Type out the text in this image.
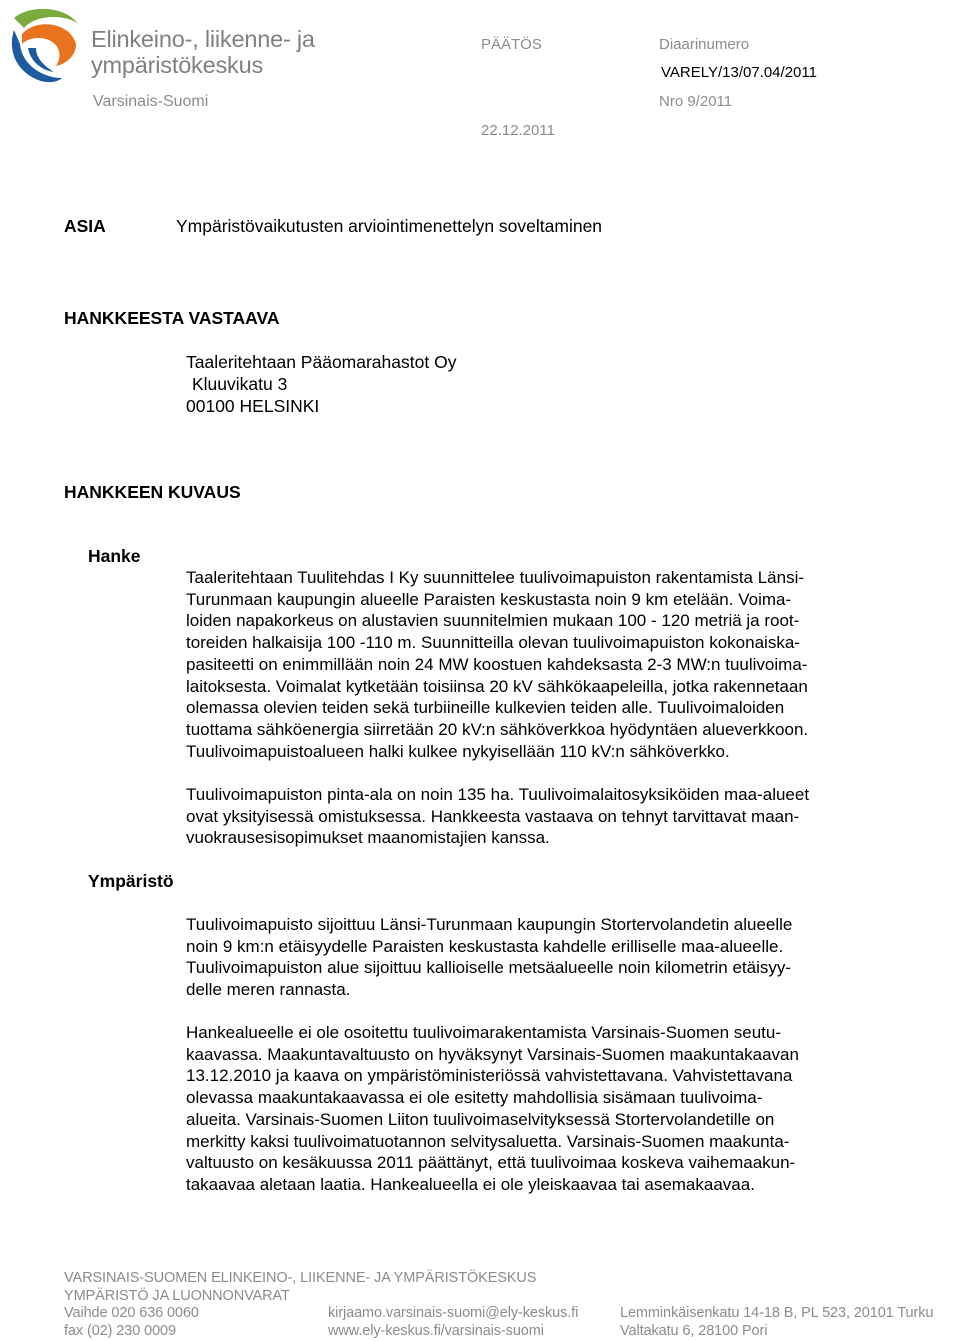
Elinkeino-, liikenne- ja
ympäristökeskus
Varsinais-Suomi
PÄÄTÖS	Diaarinumero
VARELY/13/07.04/2011
Nro 9/2011
22.12.2011
ASIA	Ympäristövaikutusten arviointimenettelyn soveltaminen
HANKKEESTA VASTAAVA
Taaleritehtaan Pääomarahastot Oy
Kluuvikatu 3
00100 HELSINKI
HANKKEEN KUVAUS
Hanke

Taaleritehtaan Tuulitehdas I Ky suunnittelee tuulivoimapuiston rakentamista Länsi-
Turunmaan kaupungin alueelle Paraisten keskustasta noin 9 km etelään. Voima-
loiden napakorkeus on alustavien suunnitelmien mukaan 100 - 120 metriä ja root-
toreiden halkaisija 100 -110 m. Suunnitteilla olevan tuulivoimapuiston kokonaiska-
pasiteetti on enimmillään noin 24 MW koostuen kahdeksasta 2-3 MW:n tuulivoima-
laitoksesta. Voimalat kytketään toisiinsa 20 kV sähkökaapeleilla, jotka rakennetaan
olemassa olevien teiden sekä turbiineille kulkevien teiden alle. Tuulivoimaloiden
tuottama sähköenergia siirretään 20 kV:n sähköverkkoa hyödyntäen alueverkkoon.
Tuulivoimapuistoalueen halki kulkee nykyisellään 110 kV:n sähköverkko.

Tuulivoimapuiston pinta-ala on noin 135 ha. Tuulivoimalaitosyksiköiden maa-alueet
ovat yksityisessä omistuksessa. Hankkeesta vastaava on tehnyt tarvittavat maan-
vuokrausesisopimukset maanomistajien kanssa.

Ympäristö

Tuulivoimapuisto sijoittuu Länsi-Turunmaan kaupungin Stortervolandetin alueelle
noin 9 km:n etäisyydelle Paraisten keskustasta kahdelle erilliselle maa-alueelle.
Tuulivoimapuiston alue sijoittuu kallioiselle metsäalueelle noin kilometrin etäisyy-
delle meren rannasta.

Hankealueelle ei ole osoitettu tuulivoimarakentamista Varsinais-Suomen seutu-
kaavassa. Maakuntavaltuusto on hyväksynyt Varsinais-Suomen maakuntakaavan
13.12.2010 ja kaava on ympäristöministeriössä vahvistettavana. Vahvistettavana
olevassa maakuntakaavassa ei ole esitetty mahdollisia sisämaan tuulivoima-
alueita. Varsinais-Suomen Liiton tuulivoimaselvityksessä Stortervolandetille on
merkitty kaksi tuulivoimatuotannon selvitysaluetta. Varsinais-Suomen maakunta-
valtuusto on kesäkuussa 2011 päättänyt, että tuulivoimaa koskeva vaihemaakun-
takaavaa aletaan laatia. Hankealueella ei ole yleiskaavaa tai asemakaavaa.

VARSINAIS-SUOMEN ELINKEINO-, LIIKENNE- JA YMPÄRISTÖKESKUS
YMPÄRISTÖ JA LUONNONVARAT
Vaihde 020 636 0060
fax (02) 230 0009
kirjaamo.varsinais-suomi@ely-keskus.fi
www.ely-keskus.fi/varsinais-suomi
Lemminkäisenkatu 14-18 B, PL 523, 20101 Turku
Valtakatu 6, 28100 Pori
